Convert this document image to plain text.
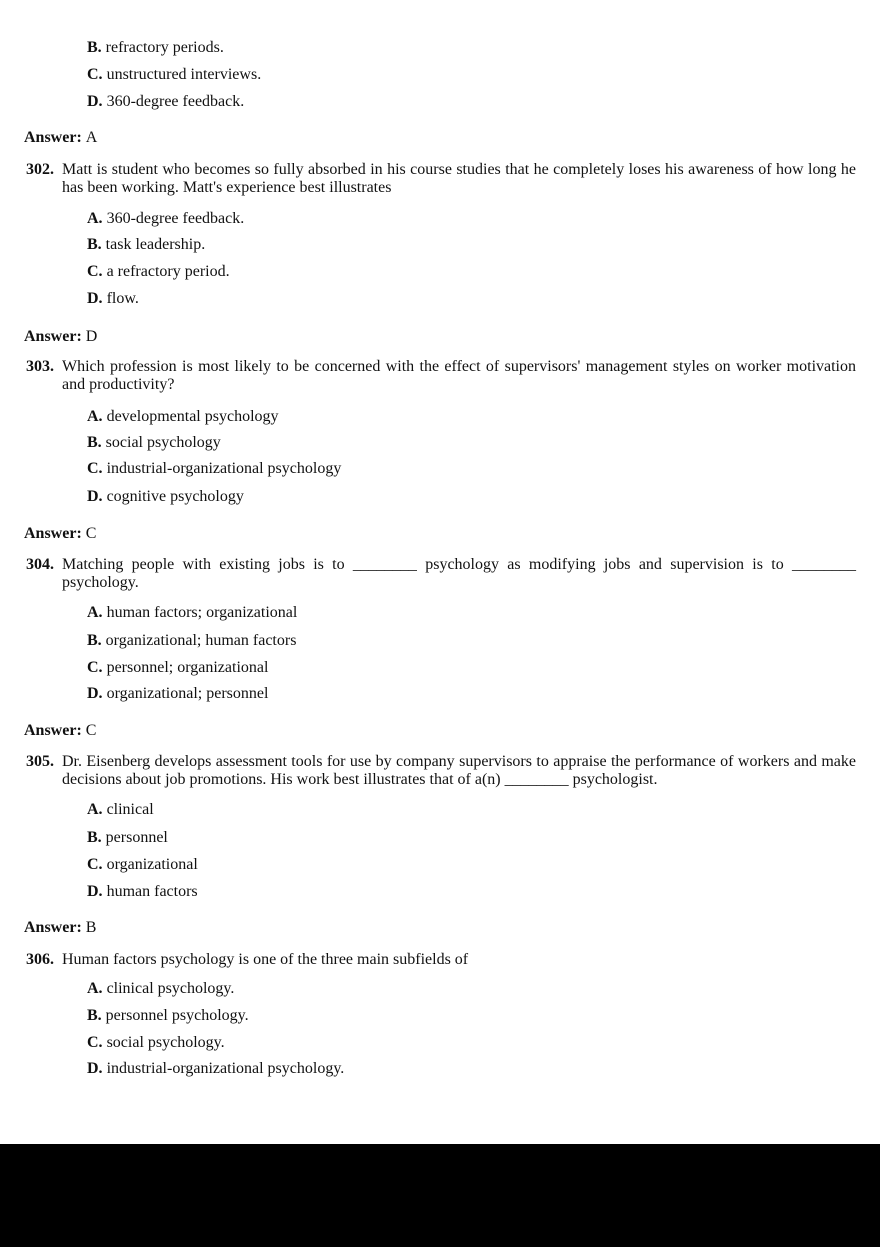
B. refractory periods.
C. unstructured interviews.
D. 360-degree feedback.
Answer: A
302. Matt is student who becomes so fully absorbed in his course studies that he completely loses his awareness of how long he has been working. Matt's experience best illustrates
A. 360-degree feedback.
B. task leadership.
C. a refractory period.
D. flow.
Answer: D
303. Which profession is most likely to be concerned with the effect of supervisors' management styles on worker motivation and productivity?
A. developmental psychology
B. social psychology
C. industrial-organizational psychology
D. cognitive psychology
Answer: C
304. Matching people with existing jobs is to ________ psychology as modifying jobs and supervision is to ________ psychology.
A. human factors; organizational
B. organizational; human factors
C. personnel; organizational
D. organizational; personnel
Answer: C
305. Dr. Eisenberg develops assessment tools for use by company supervisors to appraise the performance of workers and make decisions about job promotions. His work best illustrates that of a(n) ________ psychologist.
A. clinical
B. personnel
C. organizational
D. human factors
Answer: B
306. Human factors psychology is one of the three main subfields of
A. clinical psychology.
B. personnel psychology.
C. social psychology.
D. industrial-organizational psychology.
